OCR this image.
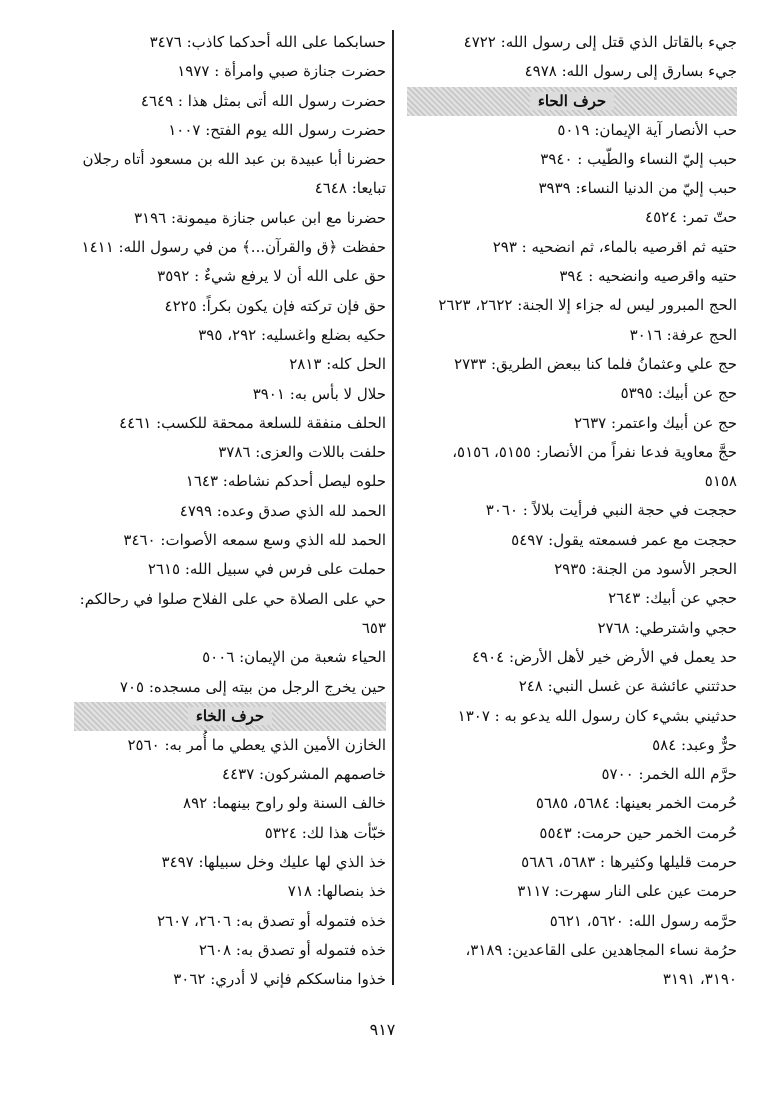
جيء بالقاتل الذي قتل إلى رسول الله: ٤٧٢٢
جيء بسارق إلى رسول الله: ٤٩٧٨
حرف الحاء
حب الأنصار آية الإيمان: ٥٠١٩
حبب إليّ النساء والطّيب : ٣٩٤٠
حبب إليّ من الدنيا النساء: ٣٩٣٩
حتّ تمر: ٤٥٢٤
حتيه ثم اقرصيه بالماء، ثم انضحيه : ٢٩٣
حتيه واقرصيه وانضحيه : ٣٩٤
الحج المبرور ليس له جزاء إلا الجنة: ٢٦٢٢، ٢٦٢٣
الحج عرفة: ٣٠١٦
حج علي وعثمانُ فلما كنا ببعض الطريق: ٢٧٣٣
حج عن أبيك: ٥٣٩٥
حج عن أبيك واعتمر: ٢٦٣٧
حجَّ معاوية فدعا نفراً من الأنصار: ٥١٥٥، ٥١٥٦،
٥١٥٨
حججت في حجة النبي فرأيت بلالاً : ٣٠٦٠
حججت مع عمر فسمعته يقول: ٥٤٩٧
الحجر الأسود من الجنة: ٢٩٣٥
حجي عن أبيك: ٢٦٤٣
حجي واشترطي: ٢٧٦٨
حد يعمل في الأرض خير لأهل الأرض: ٤٩٠٤
حدثتني عائشة عن غسل النبي: ٢٤٨
حدثيني بشيء كان رسول الله يدعو به : ١٣٠٧
حرٌّ وعبد: ٥٨٤
حرَّم الله الخمر: ٥٧٠٠
حُرمت الخمر بعينها: ٥٦٨٤، ٥٦٨٥
حُرمت الخمر حين حرمت: ٥٥٤٣
حرمت قليلها وكثيرها : ٥٦٨٣، ٥٦٨٦
حرمت عين على النار سهرت: ٣١١٧
حرَّمه رسول الله: ٥٦٢٠، ٥٦٢١
حرُمة نساء المجاهدين على القاعدين: ٣١٨٩،
٣١٩٠، ٣١٩١
حسابكما على الله أحدكما كاذب: ٣٤٧٦
حضرت جنازة صبي وامرأة : ١٩٧٧
حضرت رسول الله أتى بمثل هذا : ٤٦٤٩
حضرت رسول الله يوم الفتح: ١٠٠٧
حضرنا أبا عبيدة بن عبد الله بن مسعود أتاه رجلان
تبايعا: ٤٦٤٨
حضرنا مع ابن عباس جنازة ميمونة: ٣١٩٦
حفظت ﴿ق والقرآن...﴾ من في رسول الله: ١٤١١
حق على الله أن لا يرفع شيءٌ : ٣٥٩٢
حق فإن تركته فإن يكون بكراً: ٤٢٢٥
حكيه بضلع واغسليه: ٢٩٢، ٣٩٥
الحل كله: ٢٨١٣
حلال لا بأس به: ٣٩٠١
الحلف منفقة للسلعة ممحقة للكسب: ٤٤٦١
حلفت باللات والعزى: ٣٧٨٦
حلوه ليصل أحدكم نشاطه: ١٦٤٣
الحمد لله الذي صدق وعده: ٤٧٩٩
الحمد لله الذي وسع سمعه الأصوات: ٣٤٦٠
حملت على فرس في سبيل الله: ٢٦١٥
حي على الصلاة حي على الفلاح صلوا في رحالكم:
٦٥٣
الحياء شعبة من الإيمان: ٥٠٠٦
حين يخرج الرجل من بيته إلى مسجده: ٧٠٥
حرف الخاء
الخازن الأمين الذي يعطي ما أُمر به: ٢٥٦٠
خاصمهم المشركون: ٤٤٣٧
خالف السنة ولو راوح بينهما: ٨٩٢
خبّأت هذا لك: ٥٣٢٤
خذ الذي لها عليك وخل سبيلها: ٣٤٩٧
خذ بنصالها: ٧١٨
خذه فتموله أو تصدق به: ٢٦٠٦، ٢٦٠٧
خذه فتموله أو تصدق به: ٢٦٠٨
خذوا مناسككم فإني لا أدري: ٣٠٦٢
٩١٧
